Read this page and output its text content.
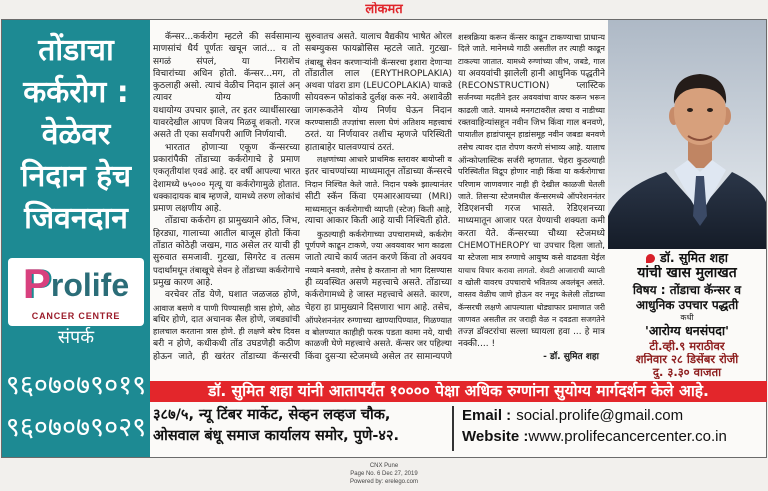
लोकमत
तोंडाचा
कर्करोग :
वेळेवर
निदान हेच
जिवनदान
Prolife
CANCER CENTRE
संपर्क
९६०७०७९०१९
९६०७०७९०२९
कॅन्सर...कर्करोग म्हटले की सर्वसामान्य
माणसांचं धैर्य पूर्णतः खचून जातं... व तो
सगळं संपलं, या निराशेच
विचारांच्या अधिन होतो. कॅन्सर...मग, तो
कुठलाही असो. त्याचं वेळीच निदान झालं अन्
त्यावर योग्य ठिकाणी
यथायोग्य उपचार झाले, तर इतर व्याधींसारखा
यावरदेखील आपण विजय मिळवू शकतो. गरज
असते ती एका सर्वांगपरी आणि निर्णयाची.
भारतात होणाऱ्या एकूण कॅन्सरच्या
प्रकारांपैकी तोंडाच्या कर्करोगाचे हे प्रमाण
एकतृतीयांश एवढं आहे. दर वर्षी आपल्या भारत
देशामध्ये ७५००० मृत्यू या कर्करोगामुळे होतात.
धक्कादायक बाब म्हणजे, यामध्ये तरुण लोकांचं
प्रमाण लक्षणीय आहे.
तोंडाचा कर्करोग हा प्रामुख्याने ओठ, जिभ,
हिरड्या, गालाच्या आतील बाजूस होतो किंवा
तोंडात कोठेही जखम, गाठ असेल तर याची ही
सुरुवात समजावी. गुटखा, सिगरेट व तत्सम
पदार्थांमधून तंबाखूचे सेवन हे तोंडाच्या कर्करोगाचे
प्रमुख कारण आहे.
वरचेवर तोंड येणे, घशात जळजळ होणे,
आवाज बसणे व पाणी पिण्यासही त्रास होणे, ओठ
बधिर होणे, दात अचानक सैल होणे, जबड्यांची
हालचाल करताना त्रास होणे. ही लक्षणे बरेच दिवस
बरी न होणे, कधीकधी तोंड उघडणेही कठीण
होऊन जाते, ही खरंतर तोंडाच्या कॅन्सरची
सुरुवातच असते. यालाच वैद्यकीय भाषेत ओरल
सबम्युकस फायब्रोसिस म्हटले जाते. गुटखा-
तंबाखू सेवन करणाऱ्यांनी कॅन्सरचा इशारा देणाऱ्या
तोंडातील लाल (ERYTHROPLAKIA)
अथवा पांढरा डाग (LEUCOPLAKIA) याकडे
सोयवरून फोडांकडे दुर्लक्ष करू नये. अशावेळी
जागरूकतेने योग्य निर्णय घेऊन निदान
करण्यासाठी तज्ज्ञांचा सल्ला घेणं अतिशय महत्त्वाचं
ठरतं. या निर्णयावर तशीच म्हणजे परिस्थिती
हाताबाहेर घालवण्याचं ठरतं.
लक्षणांच्या आधारे प्राथमिक स्तरावर बायोप्सी व
इतर चाचण्यांच्या माध्यमातून तोंडाच्या कॅन्सरचे
निदान निश्चित केले जाते. निदान पक्के झाल्यानंतर
सीटी स्कॅन किंवा एमआरआयच्या (MRI)
माध्यमातून कर्करोगाची व्याप्ती (स्टेज) किती आहे,
त्याचा आकार किती आहे याची निश्चिती होते.
कुठल्याही कर्करोगाच्या उपचारामध्ये, कर्करोग
पूर्णपणे काढून टाकणे, ज्या अवयवावर भाग काढला
जातो त्याचे कार्य जतन करणे किंवा तो अवयव
नव्याने बनवणे, तसेच हे करताना तो भाग दिसण्यास
ही व्यवस्थित असणे महत्त्वाचे असते. तोंडाच्या
कर्करोगामध्ये हे जास्त महत्त्वाचे असते. कारण,
चेहरा हा प्रामुख्याने दिसणारा भाग आहे. तसेच,
ऑपरेशननंतर रुग्णाच्या खाण्यापिण्यात, गिळण्यात
व बोलण्यात काहीही फरक पडता कामा नये, याची
काळजी घेणे महत्त्वाचे असते. कॅन्सर जर पहिल्या
किंवा दुसऱ्या स्टेजमध्ये असेल तर सामान्यपणे
शस्त्रक्रिया करून कॅन्सर काढून टाकण्याचा प्राधान्य
दिले जाते. मानेमध्ये गाठी असतील तर त्याही काढून
टाकल्या जातात. यामध्ये रुग्णांच्या जीभ, जबडे, गाल
या अवयवांची झालेली हानी आधुनिक पद्धतीने
(RECONSTRUCTION) प्लास्टिक
सर्जनच्या मदतीने इतर अवयवांचा वापर करून भरून
काढली जाते. यामध्ये मनगटावरील त्वचा व नाडीच्या
रक्तवाहिन्यांसहून नवीन जिभ किंवा गाल बनवणे,
पायातील हाडांपासून हाडांसमूह नवीन जबडा बनवणे
तसेच त्यावर दात रोपण करणे संभाव्य आहे. यालाच
ऑन्कोप्लास्टिक सर्जरी म्हणतात. चेहरा कुठल्याही
परिस्थितीत विद्रूप होणार नाही किंवा या कर्करोगाचा
परिणाम जाणवणार नाही ही देखील काळजी घेतली
जाते. तिसऱ्या स्टेजमधील कॅन्सरमध्ये ऑपरेशननंतर
रेडिएशनची गरज भासते. रेडिएशनच्या
माध्यमातून आजार परत येण्याची शक्यता कमी
करता येते. कॅन्सरच्या चौथ्या स्टेजमध्ये
CHEMOTHEROPY चा उपचार दिला जातो,
या स्टेजला मात्र रुग्णाचे आयुष्य कसे वाढवता येईल
याचाच विचार करावा लागतो. शेवटी आजाराची व्याप्ती
व खोली यावरच उपचाराचे भवितव्य अवलंबून असते.
वास्तव वेळीच जाणे होऊन वर नमूद केलेली तोंडाच्या
कॅन्सरची लक्षणे आपल्याला थोड्याफार प्रमाणात जरी
जाणवत असतील तर जराही वेळ न दवडता सजगतेने
तज्ज्ञ डॉक्टरांचा सल्ला घ्यायला हवा ... हे मात्र
नक्की.... !
- डॉ. सुमित शहा
डॉ. सुमित शहा
यांची खास मुलाखत
विषय : तोंडाचा कॅन्सर व
आधुनिक उपचार पद्धती
कधी
'आरोग्य धनसंपदा'
टी.व्ही.९ मराठीवर
शनिवार २८ डिसेंबर रोजी
दु. ३.३० वाजता
डॉ. सुमित शहा यांनी आतापर्यंत १०००० पेक्षा अधिक रुग्णांना सुयोग्य मार्गदर्शन केले आहे.
३८७/५, न्यू टिंबर मार्केट, सेव्हन लव्हज चौक,
ओसवाल बंधू समाज कार्यालय समोर, पुणे-४२.
Email : social.prolife@gmail.com
Website :www.prolifecancercenter.co.in
CNX Pune
Page No. 6 Dec 27, 2019
Powered by: erelego.com
